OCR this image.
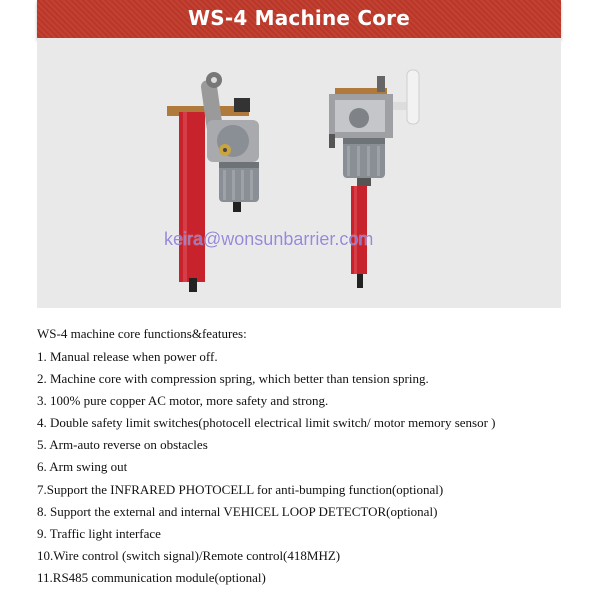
WS-4 Machine Core
keira@wonsunbarrier.com
WS-4 machine core functions&features:
1. Manual release when power off.
2. Machine core with compression spring, which better than tension spring.
3. 100% pure copper AC motor, more safety and strong.
4. Double safety limit switches(photocell electrical limit switch/ motor memory sensor )
5. Arm-auto reverse on obstacles
6. Arm swing out
7.Support the INFRARED PHOTOCELL for anti-bumping function(optional)
8. Support the external and internal VEHICEL LOOP DETECTOR(optional)
9. Traffic light interface
10.Wire control (switch signal)/Remote control(418MHZ)
11.RS485 communication module(optional)
